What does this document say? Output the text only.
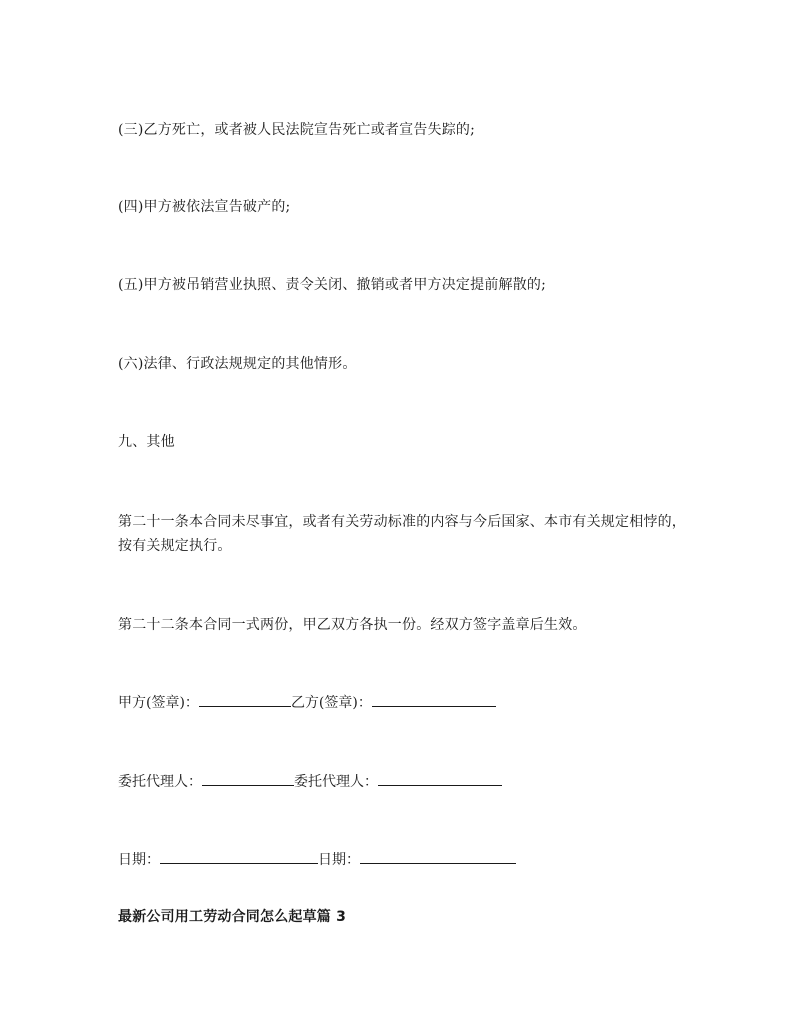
(三)乙方死亡，或者被人民法院宣告死亡或者宣告失踪的;

(四)甲方被依法宣告破产的;

(五)甲方被吊销营业执照、责令关闭、撤销或者甲方决定提前解散的;

(六)法律、行政法规规定的其他情形。

九、其他

第二十一条本合同未尽事宜，或者有关劳动标准的内容与今后国家、本市有关规定相悖的，按有关规定执行。

第二十二条本合同一式两份，甲乙双方各执一份。经双方签字盖章后生效。

甲方(签章)：	乙方(签章)：
委托代理人：	委托代理人：
日期：	日期：

最新公司用工劳动合同怎么起草篇 3
